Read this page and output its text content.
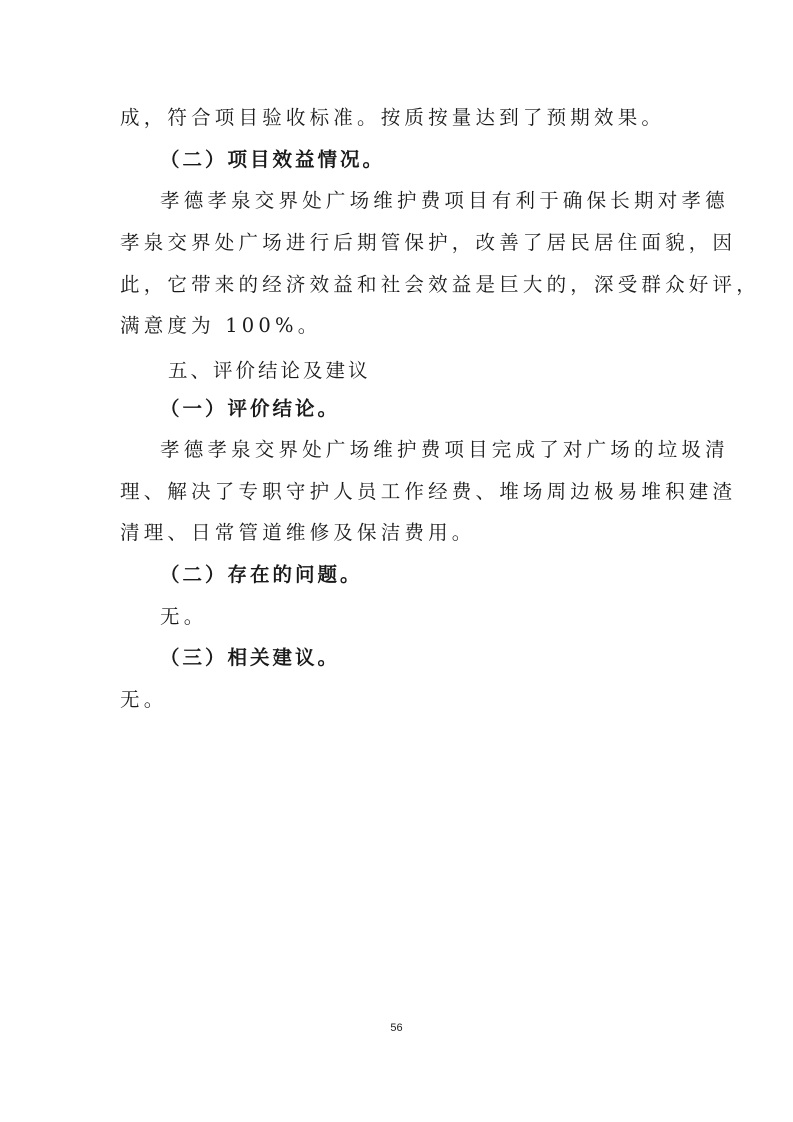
成，符合项目验收标准。按质按量达到了预期效果。
（二）项目效益情况。
孝德孝泉交界处广场维护费项目有利于确保长期对孝德
孝泉交界处广场进行后期管保护，改善了居民居住面貌，因
此，它带来的经济效益和社会效益是巨大的，深受群众好评，
满意度为 100%。
五、评价结论及建议
（一）评价结论。
孝德孝泉交界处广场维护费项目完成了对广场的垃圾清
理、解决了专职守护人员工作经费、堆场周边极易堆积建渣
清理、日常管道维修及保洁费用。
（二）存在的问题。
无。
（三）相关建议。
无。
56
